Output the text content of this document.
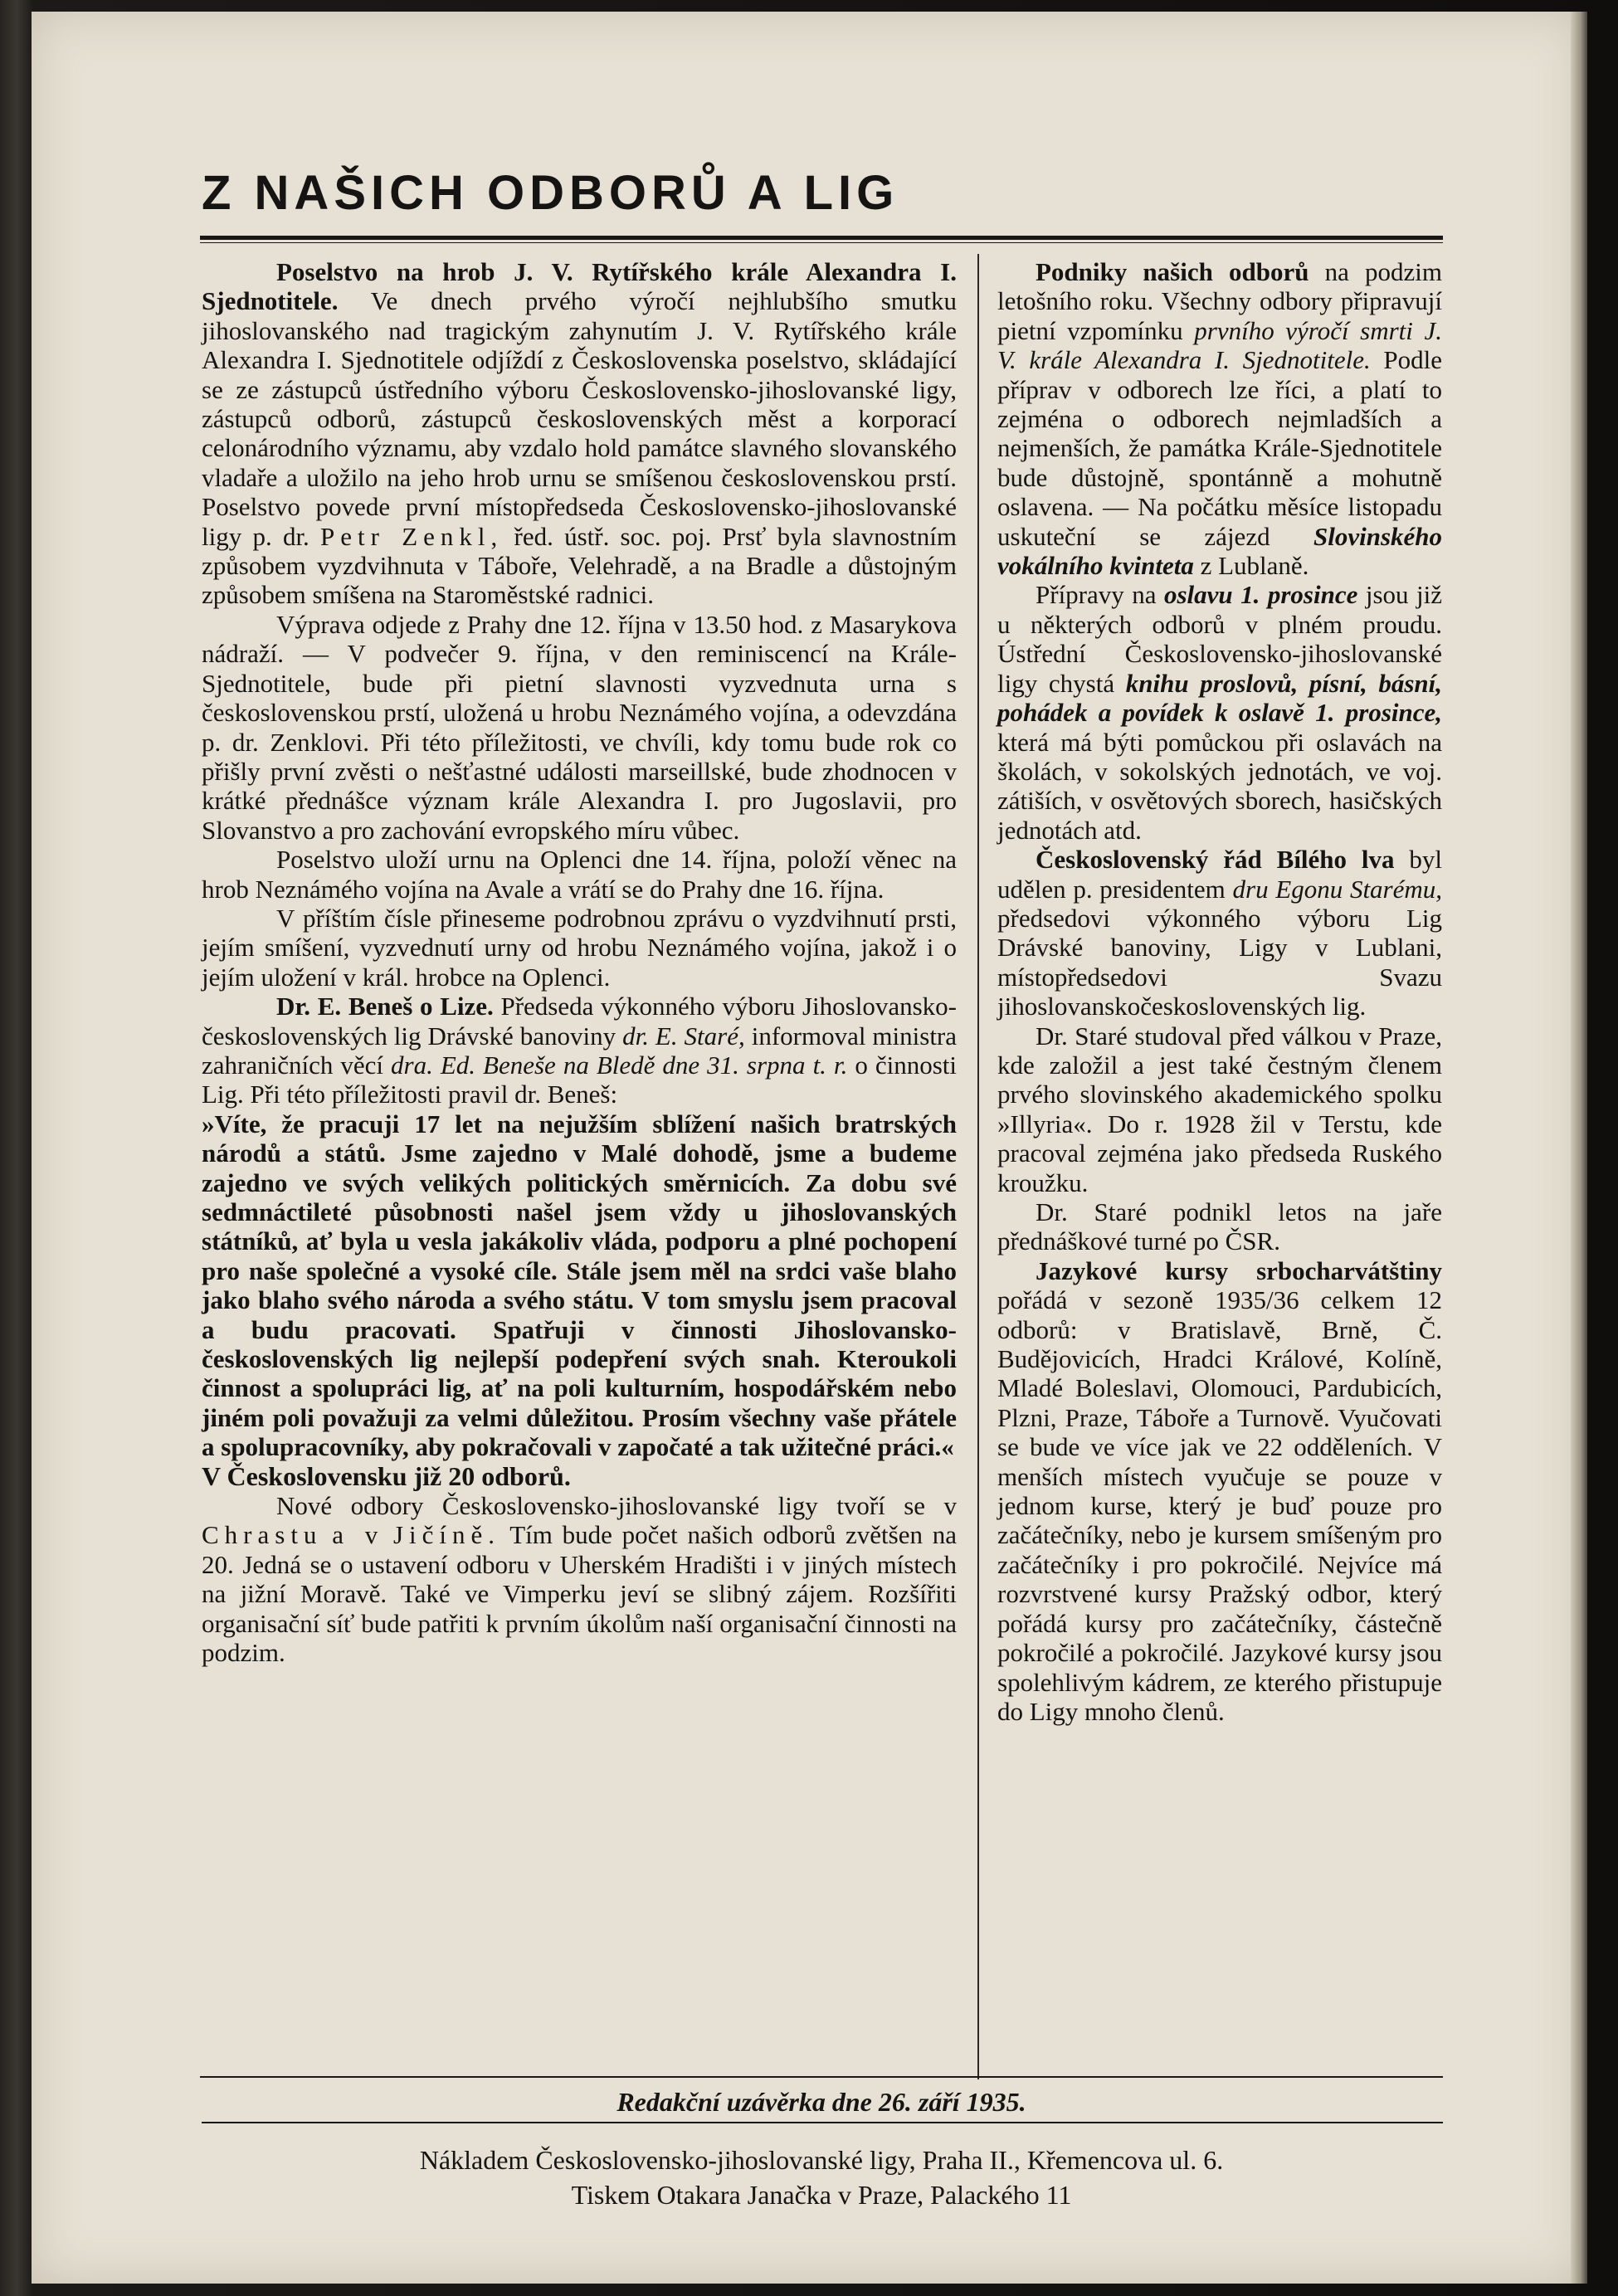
Z NAŠICH ODBORŮ A LIG

Poselstvo na hrob J. V. Rytířského krále Alexandra I. Sjednotitele. Ve dnech prvého výročí nejhlubšího smutku jihoslovanského nad tragickým zahynutím J. V. Rytířského krále Alexandra I. Sjednotitele odjíždí z Československa poselstvo, skládající se ze zástupců ústředního výboru Československo-jihoslovanské ligy, zástupců odborů, zástupců československých měst a korporací celonárodního významu, aby vzdalo hold památce slavného slovanského vladaře a uložilo na jeho hrob urnu se smíšenou československou prstí. Poselstvo povede první místopředseda Československo-jihoslovanské ligy p. dr. Petr Zenkl, řed. ústř. soc. poj. Prsť byla slavnostním způsobem vyzdvihnuta v Táboře, Velehradě, a na Bradle a důstojným způsobem smíšena na Staroměstské radnici.

Výprava odjede z Prahy dne 12. října v 13.50 hod. z Masarykova nádraží. — V podvečer 9. října, v den reminiscencí na Krále-Sjednotitele, bude při pietní slavnosti vyzvednuta urna s československou prstí, uložená u hrobu Neznámého vojína, a odevzdána p. dr. Zenklovi. Při této příležitosti, ve chvíli, kdy tomu bude rok co přišly první zvěsti o nešťastné události marseillské, bude zhodnocen v krátké přednášce význam krále Alexandra I. pro Jugoslavii, pro Slovanstvo a pro zachování evropského míru vůbec.

Poselstvo uloží urnu na Oplenci dne 14. října, položí věnec na hrob Neznámého vojína na Avale a vrátí se do Prahy dne 16. října.

V příštím čísle přineseme podrobnou zprávu o vyzdvihnutí prsti, jejím smíšení, vyzvednutí urny od hrobu Neznámého vojína, jakož i o jejím uložení v král. hrobce na Oplenci.

Dr. E. Beneš o Lize. Předseda výkonného výboru Jihoslovansko-československých lig Drávské banoviny dr. E. Staré, informoval ministra zahraničních věcí dra. Ed. Beneše na Bledě dne 31. srpna t. r. o činnosti Lig. Při této příležitosti pravil dr. Beneš:

»Víte, že pracuji 17 let na nejužším sblížení našich bratrských národů a států. Jsme zajedno v Malé dohodě, jsme a budeme zajedno ve svých velikých politických směrnicích. Za dobu své sedmnáctileté působnosti našel jsem vždy u jihoslovanských státníků, ať byla u vesla jakákoliv vláda, podporu a plné pochopení pro naše společné a vysoké cíle. Stále jsem měl na srdci vaše blaho jako blaho svého národa a svého státu. V tom smyslu jsem pracoval a budu pracovati. Spatřuji v činnosti Jihoslovansko-československých lig nejlepší podepření svých snah. Kteroukoli činnost a spolupráci lig, ať na poli kulturním, hospodářském nebo jiném poli považuji za velmi důležitou. Prosím všechny vaše přátele a spolupracovníky, aby pokračovali v započaté a tak užitečné práci.«

V Československu již 20 odborů.

Nové odbory Československo-jihoslovanské ligy tvoří se v Chrastu a v Jičíně. Tím bude počet našich odborů zvětšen na 20. Jedná se o ustavení odboru v Uherském Hradišti i v jiných místech na jižní Moravě. Také ve Vimperku jeví se slibný zájem. Rozšířiti organisační síť bude patřiti k prvním úkolům naší organisační činnosti na podzim.

Podniky našich odborů na podzim letošního roku. Všechny odbory připravují pietní vzpomínku prvního výročí smrti J. V. krále Alexandra I. Sjednotitele. Podle příprav v odborech lze říci, a platí to zejména o odborech nejmladších a nejmenších, že památka Krále-Sjednotitele bude důstojně, spontánně a mohutně oslavena. — Na počátku měsíce listopadu uskuteční se zájezd Slovinského vokálního kvinteta z Lublaně.

Přípravy na oslavu 1. prosince jsou již u některých odborů v plném proudu. Ústřední Československo-jihoslovanské ligy chystá knihu proslovů, písní, básní, pohádek a povídek k oslavě 1. prosince, která má býti pomůckou při oslavách na školách, v sokolských jednotách, ve voj. zátiších, v osvětových sborech, hasičských jednotách atd.

Československý řád Bílého lva byl udělen p. presidentem dru Egonu Starému, předsedovi výkonného výboru Lig Drávské banoviny, Ligy v Lublani, místopředsedovi Svazu jihoslovanskočeskoslovenských lig.

Dr. Staré studoval před válkou v Praze, kde založil a jest také čestným členem prvého slovinského akademického spolku »Illyria«. Do r. 1928 žil v Terstu, kde pracoval zejména jako předseda Ruského kroužku.

Dr. Staré podnikl letos na jaře přednáškové turné po ČSR.

Jazykové kursy srbocharvátštiny pořádá v sezoně 1935/36 celkem 12 odborů: v Bratislavě, Brně, Č. Budějovicích, Hradci Králové, Kolíně, Mladé Boleslavi, Olomouci, Pardubicích, Plzni, Praze, Táboře a Turnově. Vyučovati se bude ve více jak ve 22 odděleních. V menších místech vyučuje se pouze v jednom kurse, který je buď pouze pro začátečníky, nebo je kursem smíšeným pro začátečníky i pro pokročilé. Nejvíce má rozvrstvené kursy Pražský odbor, který pořádá kursy pro začátečníky, částečně pokročilé a pokročilé. Jazykové kursy jsou spolehlivým kádrem, ze kterého přistupuje do Ligy mnoho členů.

Redakční uzávěrka dne 26. září 1935.
Nákladem Československo-jihoslovanské ligy, Praha II., Křemencova ul. 6.
Tiskem Otakara Janačka v Praze, Palackého 11
